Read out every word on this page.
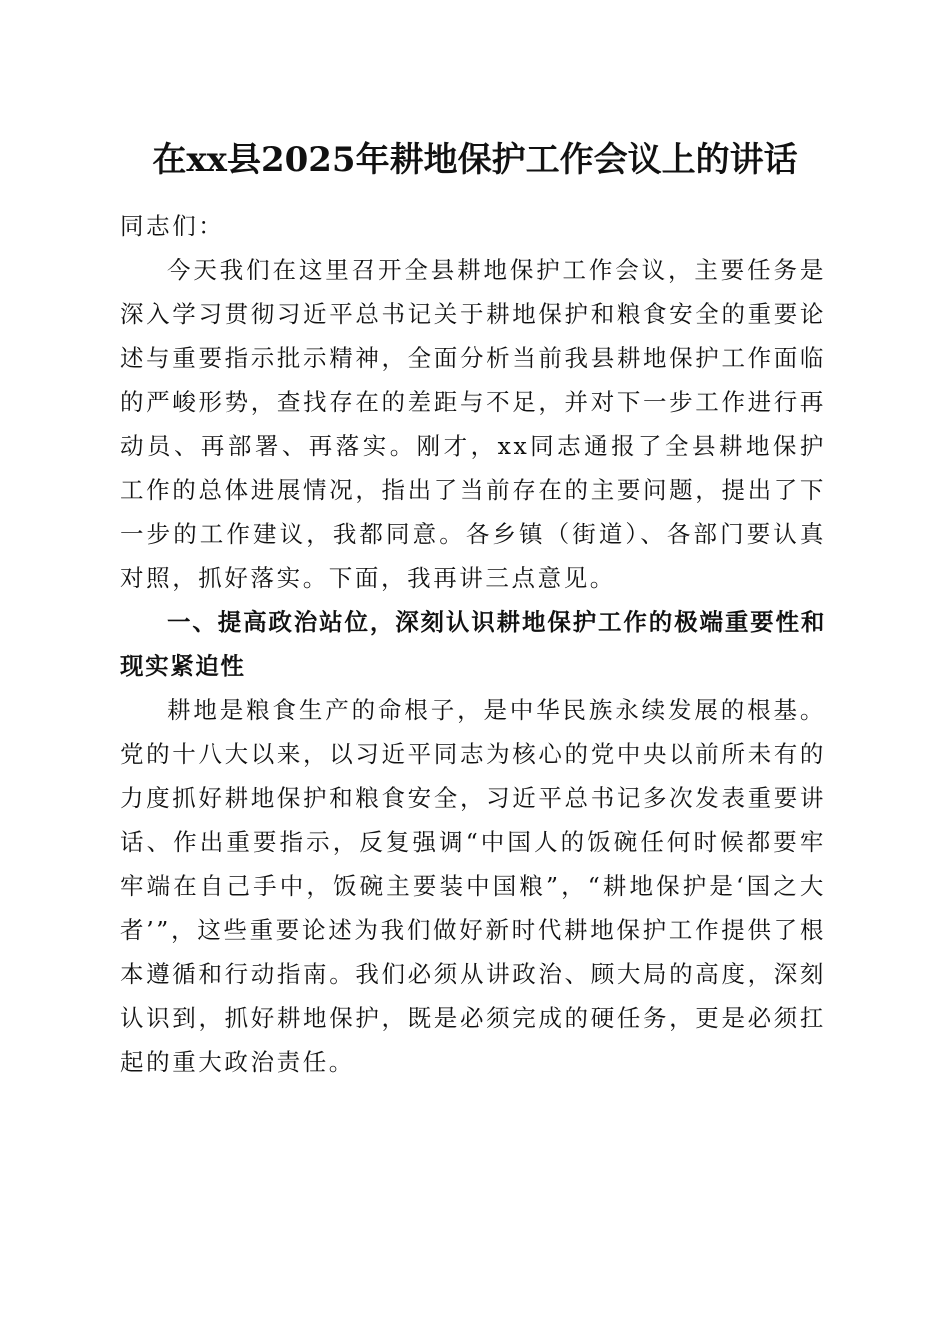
在xx县2025年耕地保护工作会议上的讲话

同志们：

今天我们在这里召开全县耕地保护工作会议，主要任务是深入学习贯彻习近平总书记关于耕地保护和粮食安全的重要论述与重要指示批示精神，全面分析当前我县耕地保护工作面临的严峻形势，查找存在的差距与不足，并对下一步工作进行再动员、再部署、再落实。刚才，xx同志通报了全县耕地保护工作的总体进展情况，指出了当前存在的主要问题，提出了下一步的工作建议，我都同意。各乡镇（街道）、各部门要认真对照，抓好落实。下面，我再讲三点意见。

一、提高政治站位，深刻认识耕地保护工作的极端重要性和现实紧迫性

耕地是粮食生产的命根子，是中华民族永续发展的根基。党的十八大以来，以习近平同志为核心的党中央以前所未有的力度抓好耕地保护和粮食安全，习近平总书记多次发表重要讲话、作出重要指示，反复强调“中国人的饭碗任何时候都要牢牢端在自己手中，饭碗主要装中国粮”，“耕地保护是‘国之大者’”，这些重要论述为我们做好新时代耕地保护工作提供了根本遵循和行动指南。我们必须从讲政治、顾大局的高度，深刻认识到，抓好耕地保护，既是必须完成的硬任务，更是必须扛起的重大政治责任。
